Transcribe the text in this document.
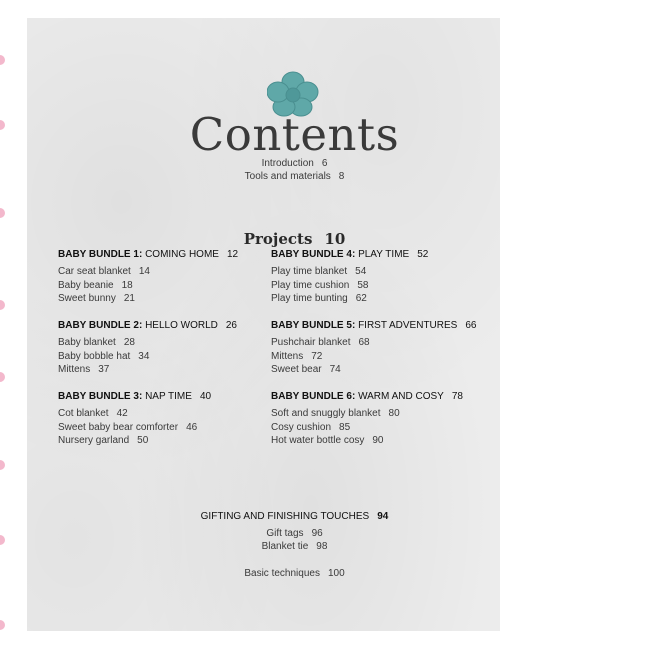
Contents
Introduction 6
Tools and materials 8
Projects 10
BABY BUNDLE 1: COMING HOME 12
Car seat blanket 14
Baby beanie 18
Sweet bunny 21
BABY BUNDLE 4: PLAY TIME 52
Play time blanket 54
Play time cushion 58
Play time bunting 62
BABY BUNDLE 2: HELLO WORLD 26
Baby blanket 28
Baby bobble hat 34
Mittens 37
BABY BUNDLE 5: FIRST ADVENTURES 66
Pushchair blanket 68
Mittens 72
Sweet bear 74
BABY BUNDLE 3: NAP TIME 40
Cot blanket 42
Sweet baby bear comforter 46
Nursery garland 50
BABY BUNDLE 6: WARM AND COSY 78
Soft and snuggly blanket 80
Cosy cushion 85
Hot water bottle cosy 90
GIFTING AND FINISHING TOUCHES 94
Gift tags 96
Blanket tie 98
Basic techniques 100
